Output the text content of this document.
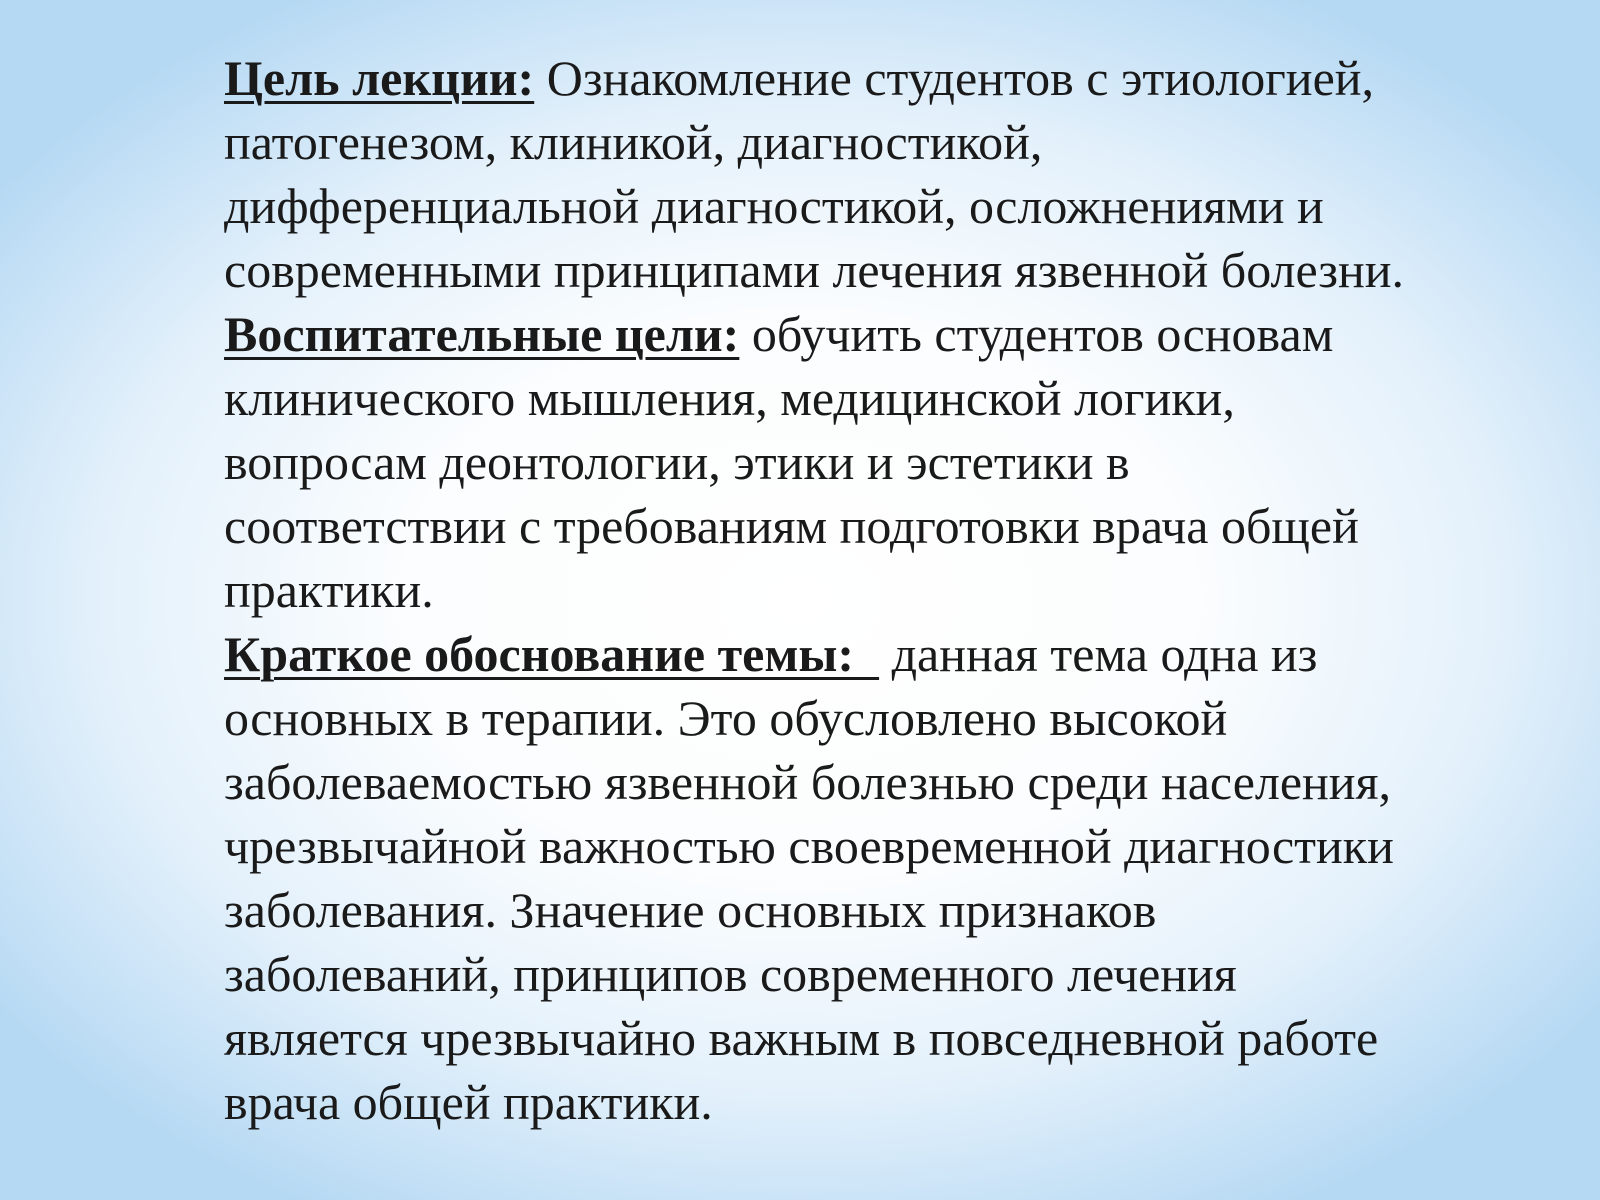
Цель лекции: Ознакомление студентов с этиологией,
патогенезом, клиникой, диагностикой,
дифференциальной диагностикой, осложнениями и
современными принципами лечения язвенной болезни.

Воспитательные цели: обучить студентов основам
клинического мышления, медицинской логики,
вопросам деонтологии, этики и эстетики в
соответствии с требованиям подготовки врача общей
практики.

Краткое обоснование темы:   данная тема одна из
основных в терапии. Это обусловлено высокой
заболеваемостью язвенной болезнью среди населения,
чрезвычайной важностью своевременной диагностики
заболевания. Значение основных признаков
заболеваний, принципов современного лечения
является чрезвычайно важным в повседневной работе
врача общей практики.
